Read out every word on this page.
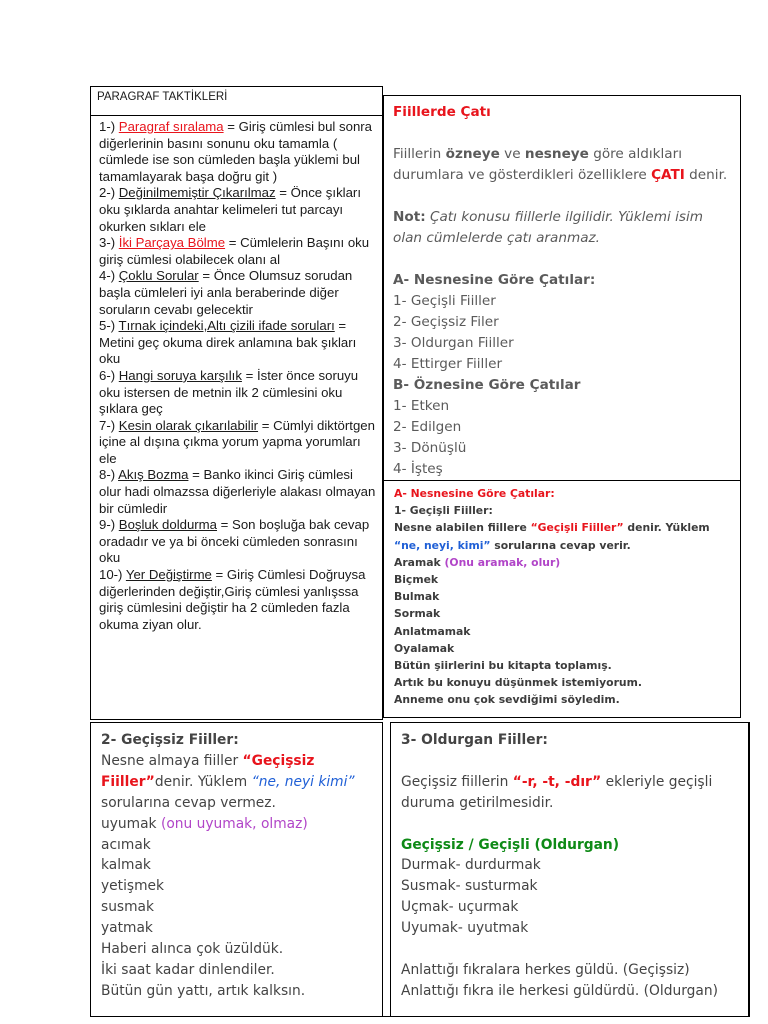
PARAGRAF TAKTİKLERİ

1-) Paragraf sıralama = Giriş cümlesi bul sonra diğerlerinin basını sonunu oku tamamla ( cümlede ise son cümleden başla yüklemi bul tamamlayarak başa doğru git )

2-) Değinilmemiştir Çıkarılmaz = Önce şıkları oku şıklarda anahtar kelimeleri tut parcayı okurken sıkları ele

3-) İki Parçaya Bölme = Cümlelerin Başını oku giriş cümlesi olabilecek olanı al

4-) Çoklu Sorular = Önce Olumsuz sorudan başla cümleleri iyi anla beraberinde diğer soruların cevabı gelecektir

5-) Tırnak içindeki,Altı çizili ifade soruları = Metini geç okuma direk anlamına bak şıkları oku

6-) Hangi soruya karşılık = İster önce soruyu oku istersen de metnin ilk 2 cümlesini oku şıklara geç

7-) Kesin olarak çıkarılabilir = Cümlyi diktörtgen içine al dışına çıkma yorum yapma yorumları ele

8-) Akış Bozma = Banko ikinci Giriş cümlesi olur hadi olmazssa diğerleriyle alakası olmayan bir cümledir

9-) Boşluk doldurma = Son boşluğa bak cevap oradadır ve ya bi önceki cümleden sonrasını oku

10-) Yer Değiştirme = Giriş Cümlesi Doğruysa diğerlerinden değiştir,Giriş cümlesi yanlışssa giriş cümlesini değiştir ha 2 cümleden fazla okuma ziyan olur.

Fiillerde Çatı

Fiillerin özneye ve nesneye göre aldıkları durumlara ve gösterdikleri özelliklere ÇATI denir.

Not: Çatı konusu fiillerle ilgilidir. Yüklemi isim olan cümlelerde çatı aranmaz.

A- Nesnesine Göre Çatılar:

1- Geçişli Fiiller

2- Geçişsiz Filer

3- Oldurgan Fiiller

4- Ettirger Fiiller

B- Öznesine Göre Çatılar

1- Etken

2- Edilgen

3- Dönüşlü

4- İşteş

A- Nesnesine Göre Çatılar:

1- Geçişli Fiiller:

Nesne alabilen fiillere “Geçişli Fiiller” denir. Yüklem “ne, neyi, kimi” sorularına cevap verir.

Aramak (Onu aramak, olur)

Biçmek

Bulmak

Sormak

Anlatmamak

Oyalamak

Bütün şiirlerini bu kitapta toplamış.

Artık bu konuyu düşünmek istemiyorum.

Anneme onu çok sevdiğimi söyledim.

2- Geçişsiz Fiiller:

Nesne almaya fiiller “Geçişsiz Fiiller”denir. Yüklem “ne, neyi kimi” sorularına cevap vermez.

uyumak (onu uyumak, olmaz)

acımak

kalmak

yetişmek

susmak

yatmak

Haberi alınca çok üzüldük.

İki saat kadar dinlendiler.

Bütün gün yattı, artık kalksın.

3- Oldurgan Fiiller:

Geçişsiz fiillerin “-r, -t, -dır” ekleriyle geçişli duruma getirilmesidir.

Geçişsiz / Geçişli (Oldurgan)

Durmak- durdurmak

Susmak- susturmak

Uçmak- uçurmak

Uyumak- uyutmak

Anlattığı fıkralara herkes güldü. (Geçişsiz)

Anlattığı fıkra ile herkesi güldürdü. (Oldurgan)
